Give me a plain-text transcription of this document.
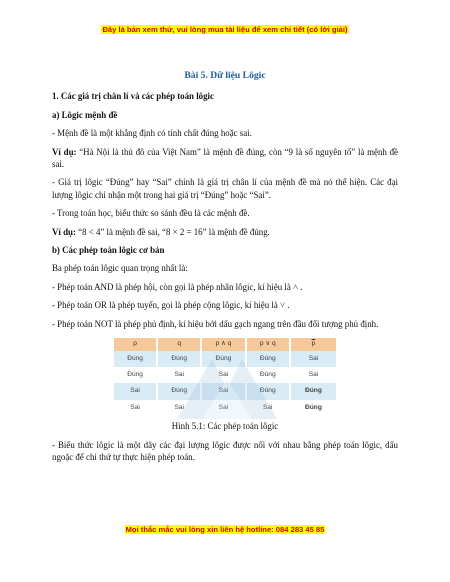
Đây là bản xem thử, vui lòng mua tài liệu để xem chi tiết (có lời giải)

Bài 5. Dữ liệu Lôgic

1. Các giá trị chân lí và các phép toán lôgic

a) Lôgic mệnh đề

- Mệnh đề là một khẳng định có tính chất đúng hoặc sai.

Ví dụ: “Hà Nội là thủ đô của Việt Nam” là mệnh đề đúng, còn “9 là số nguyên tố” là mệnh đề sai.

- Giá trị lôgic “Đúng” hay “Sai” chính là giá trị chân lí của mệnh đề mà nó thể hiện. Các đại lượng lôgic chỉ nhận một trong hai giá trị “Đúng” hoặc “Sai”.

- Trong toán học, biểu thức so sánh đều là các mệnh đề.

Ví dụ: “8 < 4” là mệnh đề sai, “8 × 2 = 16” là mệnh đề đúng.

b) Các phép toán lôgic cơ bản

Ba phép toán lôgic quan trọng nhất là:

- Phép toán AND là phép hội, còn gọi là phép nhân lôgic, kí hiệu là ˄ .

- Phép toán OR là phép tuyển, gọi là phép cộng lôgic, kí hiệu là ˅ .

- Phép toán NOT là phép phủ định, kí hiệu bởi dấu gạch ngang trên đầu đối tượng phủ định.

p	q	p ∧ q	p ∨ q	$\overline{p}$
Đúng	Đúng	Đúng	Đúng	Sai
Đúng	Sai	Sai	Đúng	Sai
Sai	Đúng	Sai	Đúng	Đúng
Sai	Sai	Sai	Sai	Đúng

Hình 5.1: Các phép toán lôgic

- Biểu thức lôgic là một dãy các đại lượng lôgic được nối với nhau bằng phép toán lôgic, dấu ngoặc để chỉ thứ tự thực hiện phép toán.

Mọi thắc mắc vui lòng xin liên hệ hotline: 084 283 45 85
